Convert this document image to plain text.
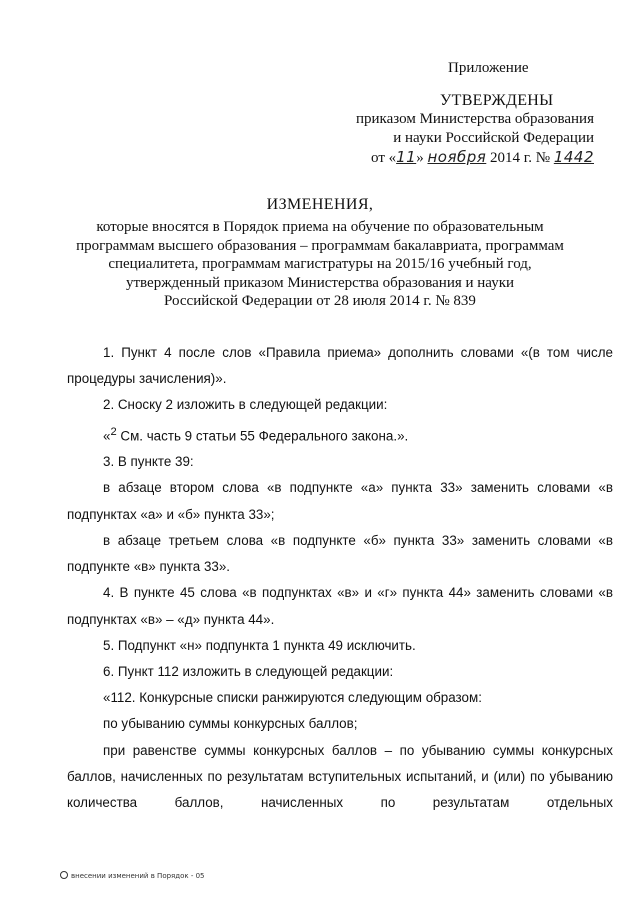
Приложение
УТВЕРЖДЕНЫ
приказом Министерства образования
и науки Российской Федерации
от «11» ноября 2014 г. № 1442
ИЗМЕНЕНИЯ,
которые вносятся в Порядок приема на обучение по образовательным
программам высшего образования – программам бакалавриата, программам
специалитета, программам магистратуры на 2015/16 учебный год,
утвержденный приказом Министерства образования и науки
Российской Федерации от 28 июля 2014 г. № 839

1. Пункт 4 после слов «Правила приема» дополнить словами «(в том числе процедуры зачисления)».

2. Сноску 2 изложить в следующей редакции:

«$^2$ См. часть 9 статьи 55 Федерального закона.».

3. В пункте 39:

в абзаце втором слова «в подпункте «а» пункта 33» заменить словами «в подпунктах «а» и «б» пункта 33»;

в абзаце третьем слова «в подпункте «б» пункта 33» заменить словами «в подпункте «в» пункта 33».

4. В пункте 45 слова «в подпунктах «в» и «г» пункта 44» заменить словами «в подпунктах «в» – «д» пункта 44».

5. Подпункт «н» подпункта 1 пункта 49 исключить.

6. Пункт 112 изложить в следующей редакции:

«112. Конкурсные списки ранжируются следующим образом:

по убыванию суммы конкурсных баллов;

при равенстве суммы конкурсных баллов – по убыванию суммы конкурсных баллов, начисленных по результатам вступительных испытаний, и (или) по убыванию количества баллов, начисленных по результатам отдельных

внесении изменений в Порядок - 05
